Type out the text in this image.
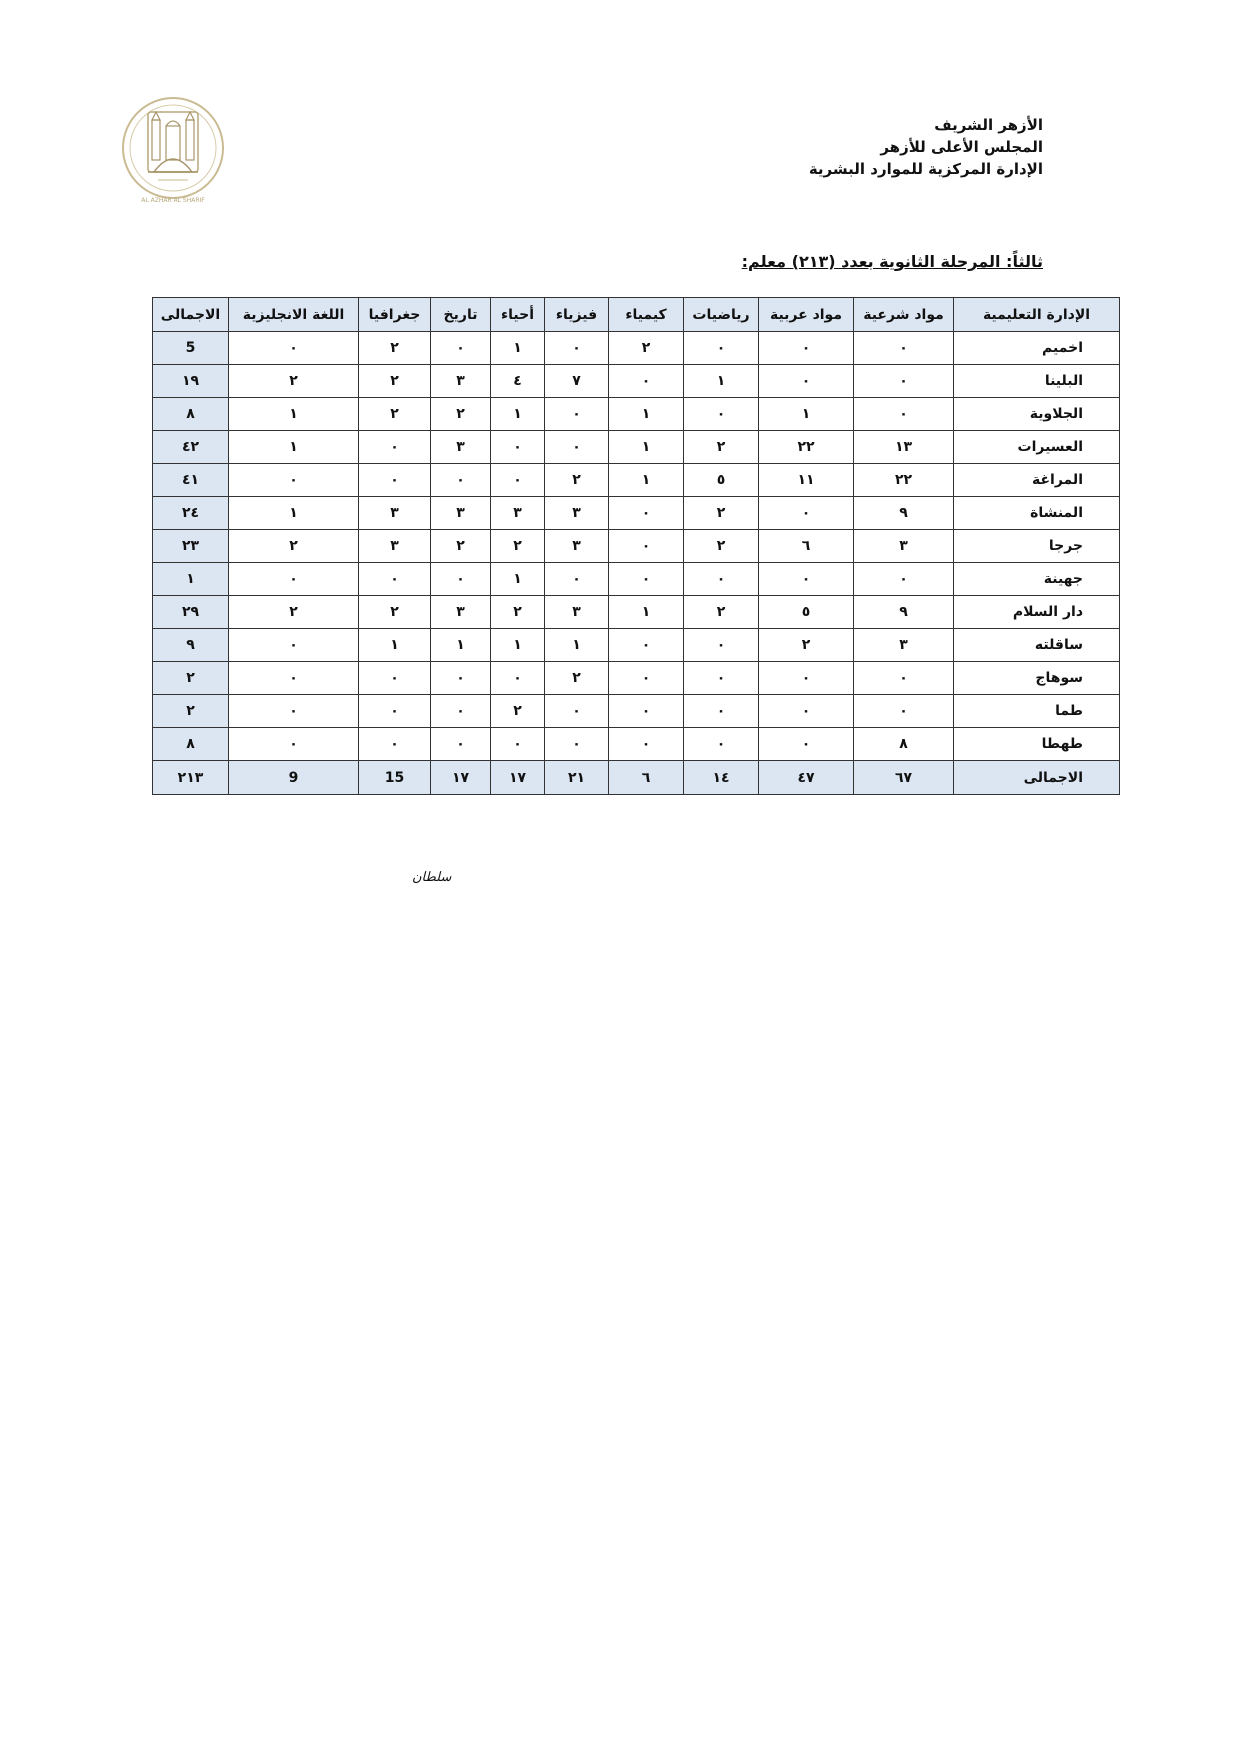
الأزهر الشريف
المجلس الأعلى للأزهر
الإدارة المركزية للموارد البشرية
AL AZHAR AL SHARIF
ثالثاً: المرحلة الثانوية بعدد (٢١٣) معلم:
الإدارة التعليمية	مواد شرعية	مواد عربية	رياضيات	كيمياء	فيزياء	أحياء	تاريخ	جغرافيا	اللغة الانجليزية	الاجمالى
اخميم	٠	٠	٠	٢	٠	١	٠	٢	٠	5
البلينا	٠	٠	١	٠	٧	٤	٣	٢	٢	١٩
الجلاوية	٠	١	٠	١	٠	١	٢	٢	١	٨
العسيرات	١٣	٢٢	٢	١	٠	٠	٣	٠	١	٤٢
المراغة	٢٢	١١	٥	١	٢	٠	٠	٠	٠	٤١
المنشاة	٩	٠	٢	٠	٣	٣	٣	٣	١	٢٤
جرجا	٣	٦	٢	٠	٣	٢	٢	٣	٢	٢٣
جهينة	٠	٠	٠	٠	٠	١	٠	٠	٠	١
دار السلام	٩	٥	٢	١	٣	٢	٣	٢	٢	٢٩
ساقلته	٣	٢	٠	٠	١	١	١	١	٠	٩
سوهاج	٠	٠	٠	٠	٢	٠	٠	٠	٠	٢
طما	٠	٠	٠	٠	٠	٢	٠	٠	٠	٢
طهطا	٨	٠	٠	٠	٠	٠	٠	٠	٠	٨
الاجمالى	٦٧	٤٧	١٤	٦	٢١	١٧	١٧	15	9	٢١٣
سلطان
